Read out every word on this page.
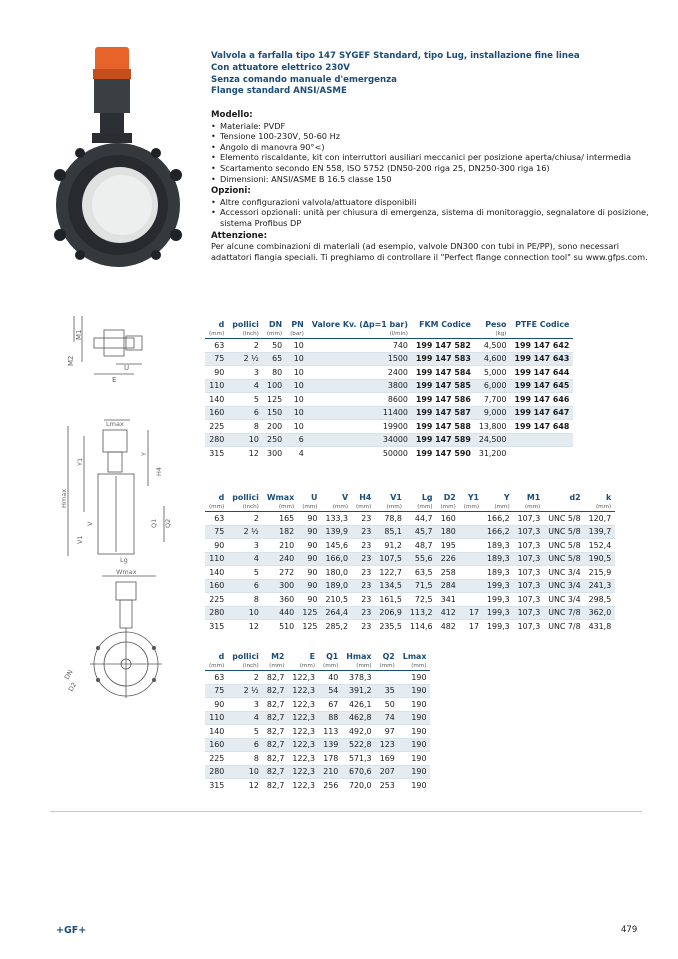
Valvola a farfalla tipo 147 SYGEF Standard, tipo Lug, installazione fine linea
Con attuatore elettrico 230V
Senza comando manuale d'emergenza
Flange standard ANSI/ASME
Modello:
• Materiale: PVDF
• Tensione 100-230V, 50-60 Hz
• Angolo di manovra 90°<)
• Elemento riscaldante, kit con interruttori ausiliari meccanici per posizione aperta/chiusa/ intermedia
• Scartamento secondo EN 558, ISO 5752 (DN50-200 riga 25, DN250-300 riga 16)
• Dimensioni: ANSI/ASME B 16.5 classe 150
Opzioni:
• Altre configurazioni valvola/attuatore disponibili
• Accessori opzionali: unità per chiusura di emergenza, sistema di monitoraggio, segnalatore di posizione, sistema Profibus DP
Attenzione:

Per alcune combinazioni di materiali (ad esempio, valvole DN300 con tubi in PE/PP), sono necessari adattatori flangia speciali. Ti preghiamo di controllare il "Perfect flange connection tool" su www.gfps.com.

M1
M2
E
U
Lmax
Hmax
Y1
Y
H4
V1
V	Q1 Q2
Lg
Wmax
DN
D2
d	pollici	DN	PN	Valore Kv. (Δp=1 bar)	FKM Codice	Peso	PTFE Codice
(mm)	(inch)	(mm)	(bar)	(l/min)		(kg)	
63	2	50	10	740	199 147 582	4,500	199 147 642
75	2 ½	65	10	1500	199 147 583	4,600	199 147 643
90	3	80	10	2400	199 147 584	5,000	199 147 644
110	4	100	10	3800	199 147 585	6,000	199 147 645
140	5	125	10	8600	199 147 586	7,700	199 147 646
160	6	150	10	11400	199 147 587	9,000	199 147 647
225	8	200	10	19900	199 147 588	13,800	199 147 648
280	10	250	6	34000	199 147 589	24,500	
315	12	300	4	50000	199 147 590	31,200	
d	pollici	Wmax	U	V	H4	V1	Lg	D2	Y1	Y	M1	d2	k
(mm)	(inch)	(mm)	(mm)	(mm)	(mm)	(mm)	(mm)	(mm)	(mm)	(mm)	(mm)		(mm)
63	2	165	90	133,3	23	78,8	44,7	160		166,2	107,3	UNC 5/8	120,7
75	2 ½	182	90	139,9	23	85,1	45,7	180		166,2	107,3	UNC 5/8	139,7
90	3	210	90	145,6	23	91,2	48,7	195		189,3	107,3	UNC 5/8	152,4
110	4	240	90	166,0	23	107,5	55,6	226		189,3	107,3	UNC 5/8	190,5
140	5	272	90	180,0	23	122,7	63,5	258		189,3	107,3	UNC 3/4	215,9
160	6	300	90	189,0	23	134,5	71,5	284		199,3	107,3	UNC 3/4	241,3
225	8	360	90	210,5	23	161,5	72,5	341		199,3	107,3	UNC 3/4	298,5
280	10	440	125	264,4	23	206,9	113,2	412	17	199,3	107,3	UNC 7/8	362,0
315	12	510	125	285,2	23	235,5	114,6	482	17	199,3	107,3	UNC 7/8	431,8
d	pollici	M2	E	Q1	Hmax	Q2	Lmax
(mm)	(inch)	(mm)	(mm)	(mm)	(mm)	(mm)	(mm)
63	2	82,7	122,3	40	378,3		190
75	2 ½	82,7	122,3	54	391,2	35	190
90	3	82,7	122,3	67	426,1	50	190
110	4	82,7	122,3	88	462,8	74	190
140	5	82,7	122,3	113	492,0	97	190
160	6	82,7	122,3	139	522,8	123	190
225	8	82,7	122,3	178	571,3	169	190
280	10	82,7	122,3	210	670,6	207	190
315	12	82,7	122,3	256	720,0	253	190
+GF+	479
